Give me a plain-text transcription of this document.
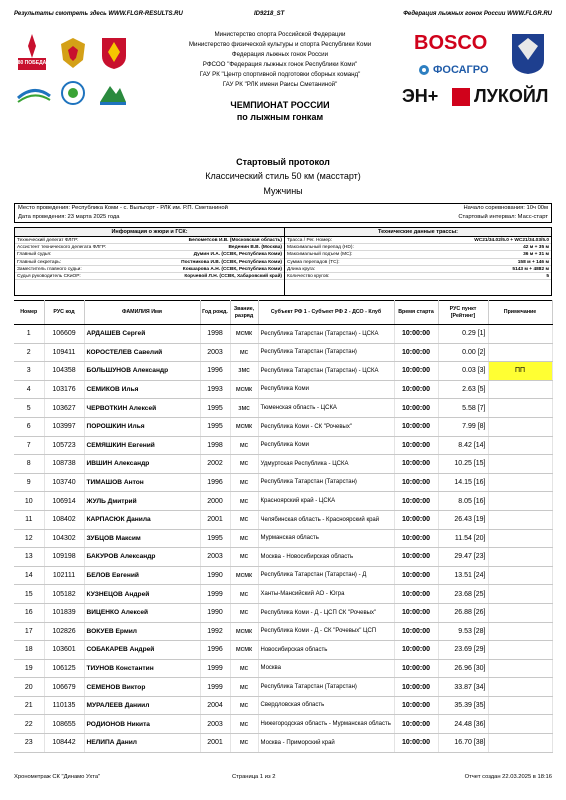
Результаты смотреть здесь WWW.FLGR-RESULTS.RU	ID9218_ST	Федерация лыжных гонок России WWW.FLGR.RU
80 ПОБЕДА
BOSCO
ФОСАГРО
ЭН+	ЛУКОЙЛ
Министерство спорта Российской Федерации
Министерство физической культуры и спорта Республики Коми
Федерация лыжных гонок России
РФСОО "Федерация лыжных гонок Республики Коми"
ГАУ РК "Центр спортивной подготовки сборных команд"
ГАУ РК "РЛК имени Раисы Сметаниной"
ЧЕМПИОНАТ РОССИИ
по лыжным гонкам
Стартовый протокол
Классический стиль 50 км (масстарт)
Мужчины
Место проведения: Республика Коми - с. Выльгорт - РЛК им. Р.П. Сметаниной
Дата проведения: 23 марта 2025 года
Начало соревнования: 10ч 00м
Стартовый интервал: Масс-старт
Информация о жюри и ГСК:
Технический делегат ФЛГР:	Белометсов И.В. (Московская область)
Ассистент технического делегата ФЛГР:	Веденин В.В. (Москва)
Главный судья:	Думин И.А. (ССВК, Республика Коми)
Главный секретарь:	Постникова И.В. (ССВК, Республика Коми)
Заместитель главного судьи:	Кокшарова А.Н. (ССВК, Республика Коми)
Судья руководитель СКиОР:	Корчевой Л.Н. (ССВК, Хабаровский край)
Технические данные трассы:
Трасса / Рег. Номер:	WC21/34.02/5.0 + WC21/34.03/5.0
Максимальный перепад (HD):	42 м + 35 м
Максимальный подъем (MC):	36 м + 31 м
Сумма перепадов (TC):	158 м + 146 м
Длина круга:	5143 м + 4882 м
Количество кругов:	5
Номер	РУС код	ФАМИЛИЯ Имя	Год рожд.	Звание, разряд	Субъект РФ 1 - Субъект РФ 2 - ДСО - Клуб	Время старта	РУС пункт [Рейтинг]	Примечание
1	106609	АРДАШЕВ Сергей	1998	мсмк	Республика Татарстан (Татарстан) - ЦСКА	10:00:00	0.29 [1]	
2	109411	КОРОСТЕЛЕВ Савелий	2003	мс	Республика Татарстан (Татарстан)	10:00:00	0.00 [2]	
3	104358	БОЛЬШУНОВ Александр	1996	змс	Республика Татарстан (Татарстан) - ЦСКА	10:00:00	0.03 [3]	ПП
4	103176	СЕМИКОВ Илья	1993	мсмк	Республика Коми	10:00:00	2.63 [5]	
5	103627	ЧЕРВОТКИН Алексей	1995	змс	Тюменская область - ЦСКА	10:00:00	5.58 [7]	
6	103997	ПОРОШКИН Илья	1995	мсмк	Республика Коми - СК "Рочевых"	10:00:00	7.99 [8]	
7	105723	СЕМЯШКИН Евгений	1998	мс	Республика Коми	10:00:00	8.42 [14]	
8	108738	ИВШИН Александр	2002	мс	Удмуртская Республика - ЦСКА	10:00:00	10.25 [15]	
9	103740	ТИМАШОВ Антон	1996	мс	Республика Татарстан (Татарстан)	10:00:00	14.15 [16]	
10	106914	ЖУЛЬ Дмитрий	2000	мс	Красноярский край - ЦСКА	10:00:00	8.05 [16]	
11	108402	КАРПАСЮК Данила	2001	мс	Челябинская область - Красноярский край	10:00:00	26.43 [19]	
12	104302	ЗУБЦОВ Максим	1995	мс	Мурманская область	10:00:00	11.54 [20]	
13	109198	БАКУРОВ Александр	2003	мс	Москва - Новосибирская область	10:00:00	29.47 [23]	
14	102111	БЕЛОВ Евгений	1990	мсмк	Республика Татарстан (Татарстан) - Д	10:00:00	13.51 [24]	
15	105182	КУЗНЕЦОВ Андрей	1999	мс	Ханты-Мансийский АО - Югра	10:00:00	23.68 [25]	
16	101839	ВИЦЕНКО Алексей	1990	мс	Республика Коми - Д - ЦСП СК "Рочевых"	10:00:00	26.88 [26]	
17	102826	ВОКУЕВ Ермил	1992	мсмк	Республика Коми - Д - СК "Рочевых" ЦСП	10:00:00	9.53 [28]	
18	103601	СОБАКАРЕВ Андрей	1996	мсмк	Новосибирская область	10:00:00	23.69 [29]	
19	106125	ТИУНОВ Константин	1999	мс	Москва	10:00:00	26.96 [30]	
20	106679	СЕМЕНОВ Виктор	1999	мс	Республика Татарстан (Татарстан)	10:00:00	33.87 [34]	
21	110135	МУРАЛЕЕВ Даниил	2004	мс	Свердловская область	10:00:00	35.39 [35]	
22	108655	РОДИОНОВ Никита	2003	мс	Нижегородская область - Мурманская область	10:00:00	24.48 [36]	
23	108442	НЕЛИПА Данил	2001	мс	Москва - Приморский край	10:00:00	16.70 [38]	
Хронометраж СК "Динамо Ухта"	Страница 1 из 2	Отчет создан 22.03.2025 в 18:16
